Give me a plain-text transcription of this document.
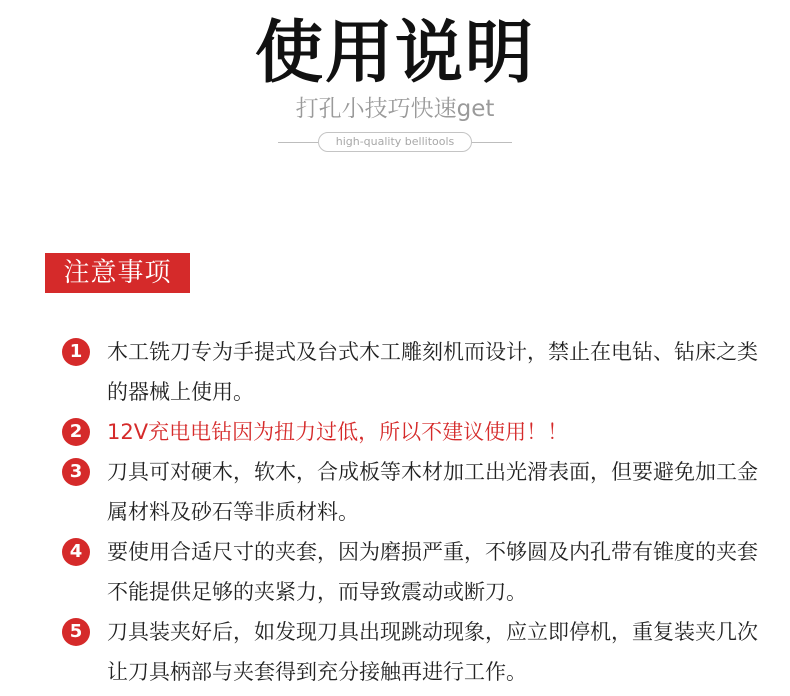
使用说明
打孔小技巧快速get
high-quality bellitools
注意事项
1	木工铣刀专为手提式及台式木工雕刻机而设计，禁止在电钻、钻床之类的器械上使用。
2	12V充电电钻因为扭力过低，所以不建议使用！！
3	刀具可对硬木，软木，合成板等木材加工出光滑表面，但要避免加工金属材料及砂石等非质材料。
4	要使用合适尺寸的夹套，因为磨损严重，不够圆及内孔带有锥度的夹套不能提供足够的夹紧力，而导致震动或断刀。
5	刀具装夹好后，如发现刀具出现跳动现象，应立即停机，重复装夹几次让刀具柄部与夹套得到充分接触再进行工作。
